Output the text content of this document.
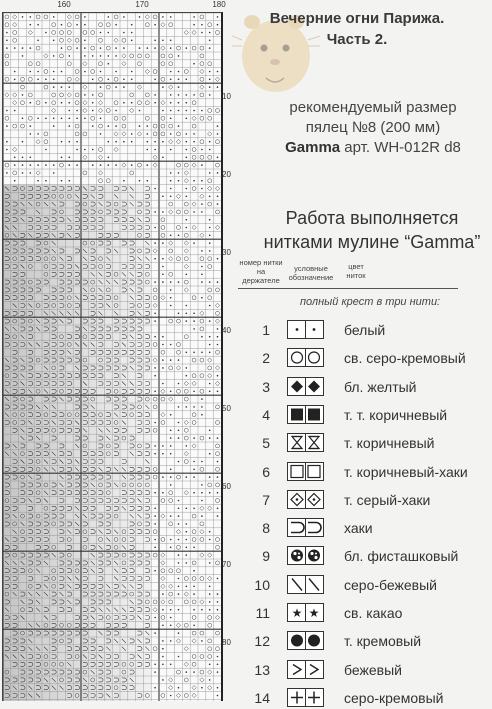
160	170	180
10
20
30
40
50
60
70
80
Вечерние огни Парижа.
Часть 2.
рекомендуемый размер
пялец №8 (200 мм)
Gamma арт. WH-012R d8
Работа выполняется
нитками мулине “Gamma”
номер нитки на держателе
условные обозначение
цвет ниток
полный крест в три нити:
1	белый
2	св. серо-кремовый
3	бл. желтый
4	т. т. коричневый
5	т. коричневый
6	т. коричневый-хаки
7	т. серый-хаки
8	хаки
9	бл. фисташковый
10	серо-бежевый
11 ★ ★ св. какао
12	т. кремовый
13	бежевый
14	серо-кремовый
